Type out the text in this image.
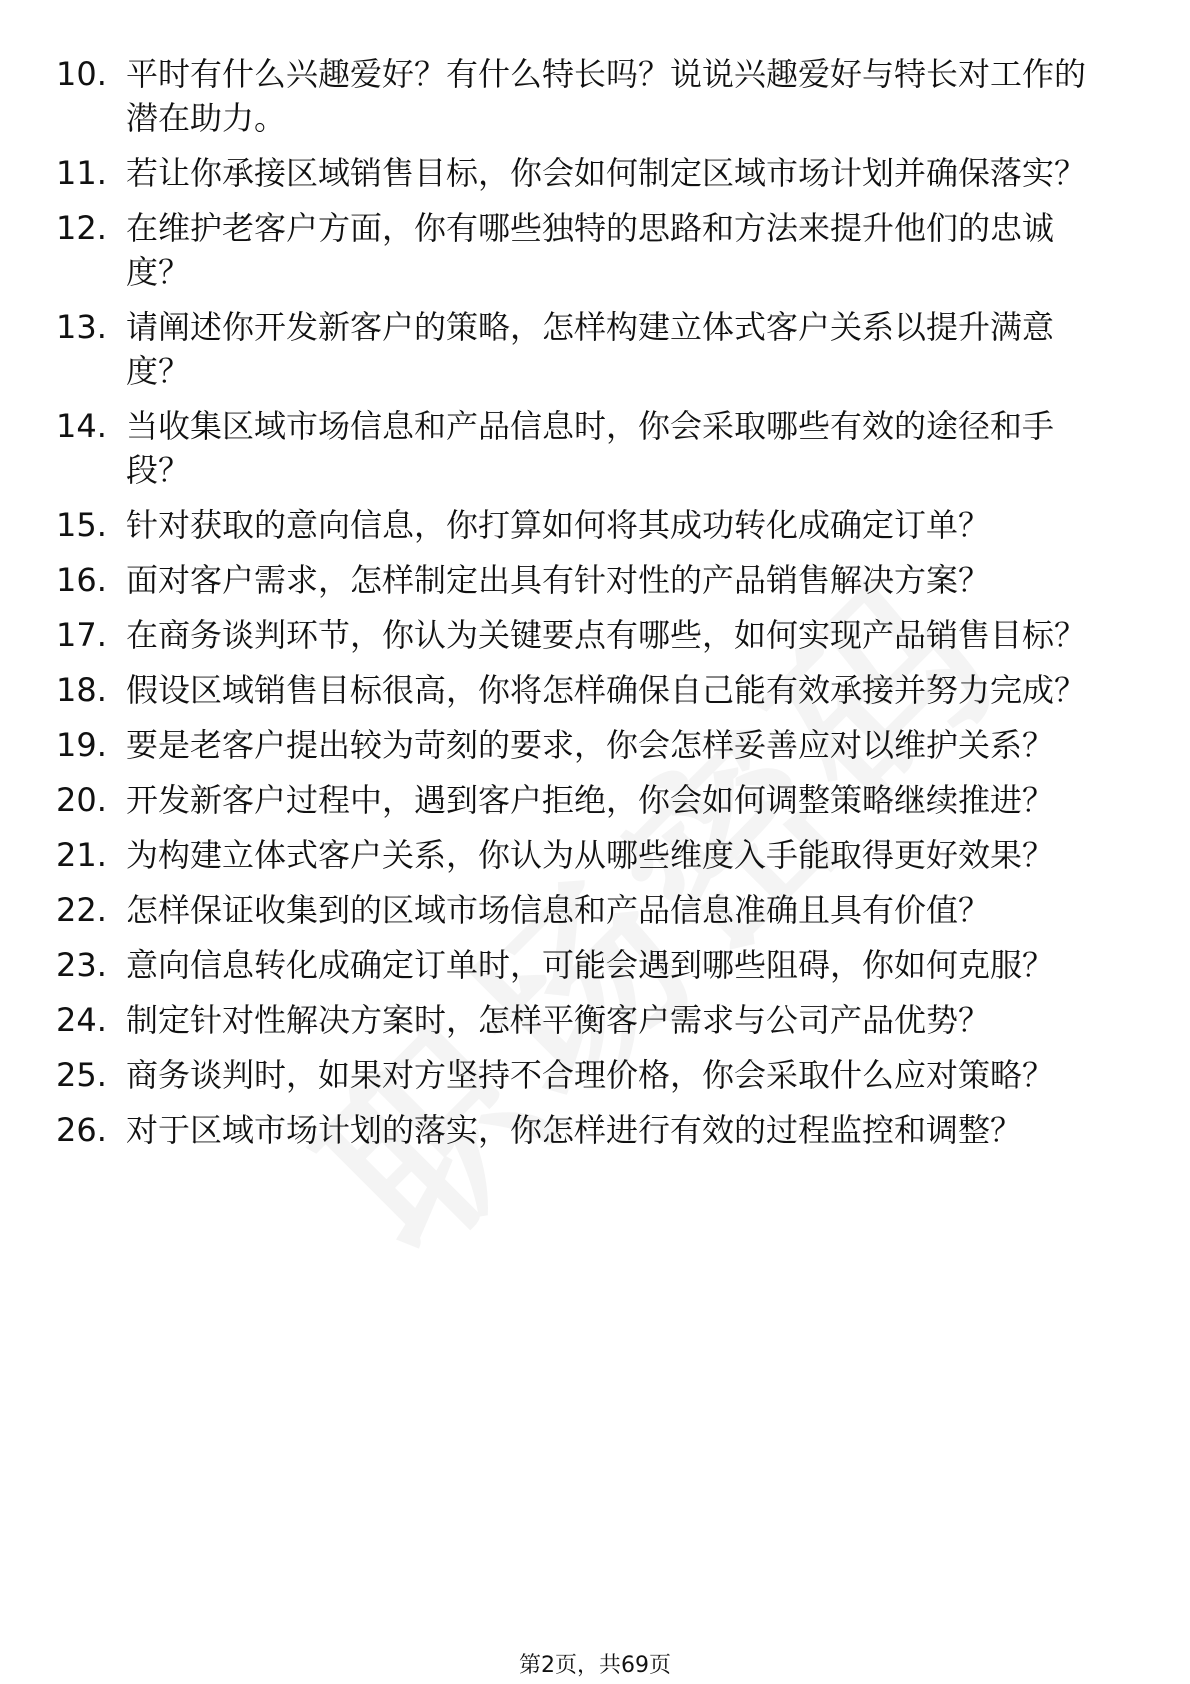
10. 平时有什么兴趣爱好？有什么特长吗？说说兴趣爱好与特长对工作的潜在助力。
11. 若让你承接区域销售目标，你会如何制定区域市场计划并确保落实？
12. 在维护老客户方面，你有哪些独特的思路和方法来提升他们的忠诚度？
13. 请阐述你开发新客户的策略，怎样构建立体式客户关系以提升满意度？
14. 当收集区域市场信息和产品信息时，你会采取哪些有效的途径和手段？
15. 针对获取的意向信息，你打算如何将其成功转化成确定订单？
16. 面对客户需求，怎样制定出具有针对性的产品销售解决方案？
17. 在商务谈判环节，你认为关键要点有哪些，如何实现产品销售目标？
18. 假设区域销售目标很高，你将怎样确保自己能有效承接并努力完成？
19. 要是老客户提出较为苛刻的要求，你会怎样妥善应对以维护关系？
20. 开发新客户过程中，遇到客户拒绝，你会如何调整策略继续推进？
21. 为构建立体式客户关系，你认为从哪些维度入手能取得更好效果？
22. 怎样保证收集到的区域市场信息和产品信息准确且具有价值？
23. 意向信息转化成确定订单时，可能会遇到哪些阻碍，你如何克服？
24. 制定针对性解决方案时，怎样平衡客户需求与公司产品优势？
25. 商务谈判时，如果对方坚持不合理价格，你会采取什么应对策略？
26. 对于区域市场计划的落实，你怎样进行有效的过程监控和调整？
第2页，共69页
